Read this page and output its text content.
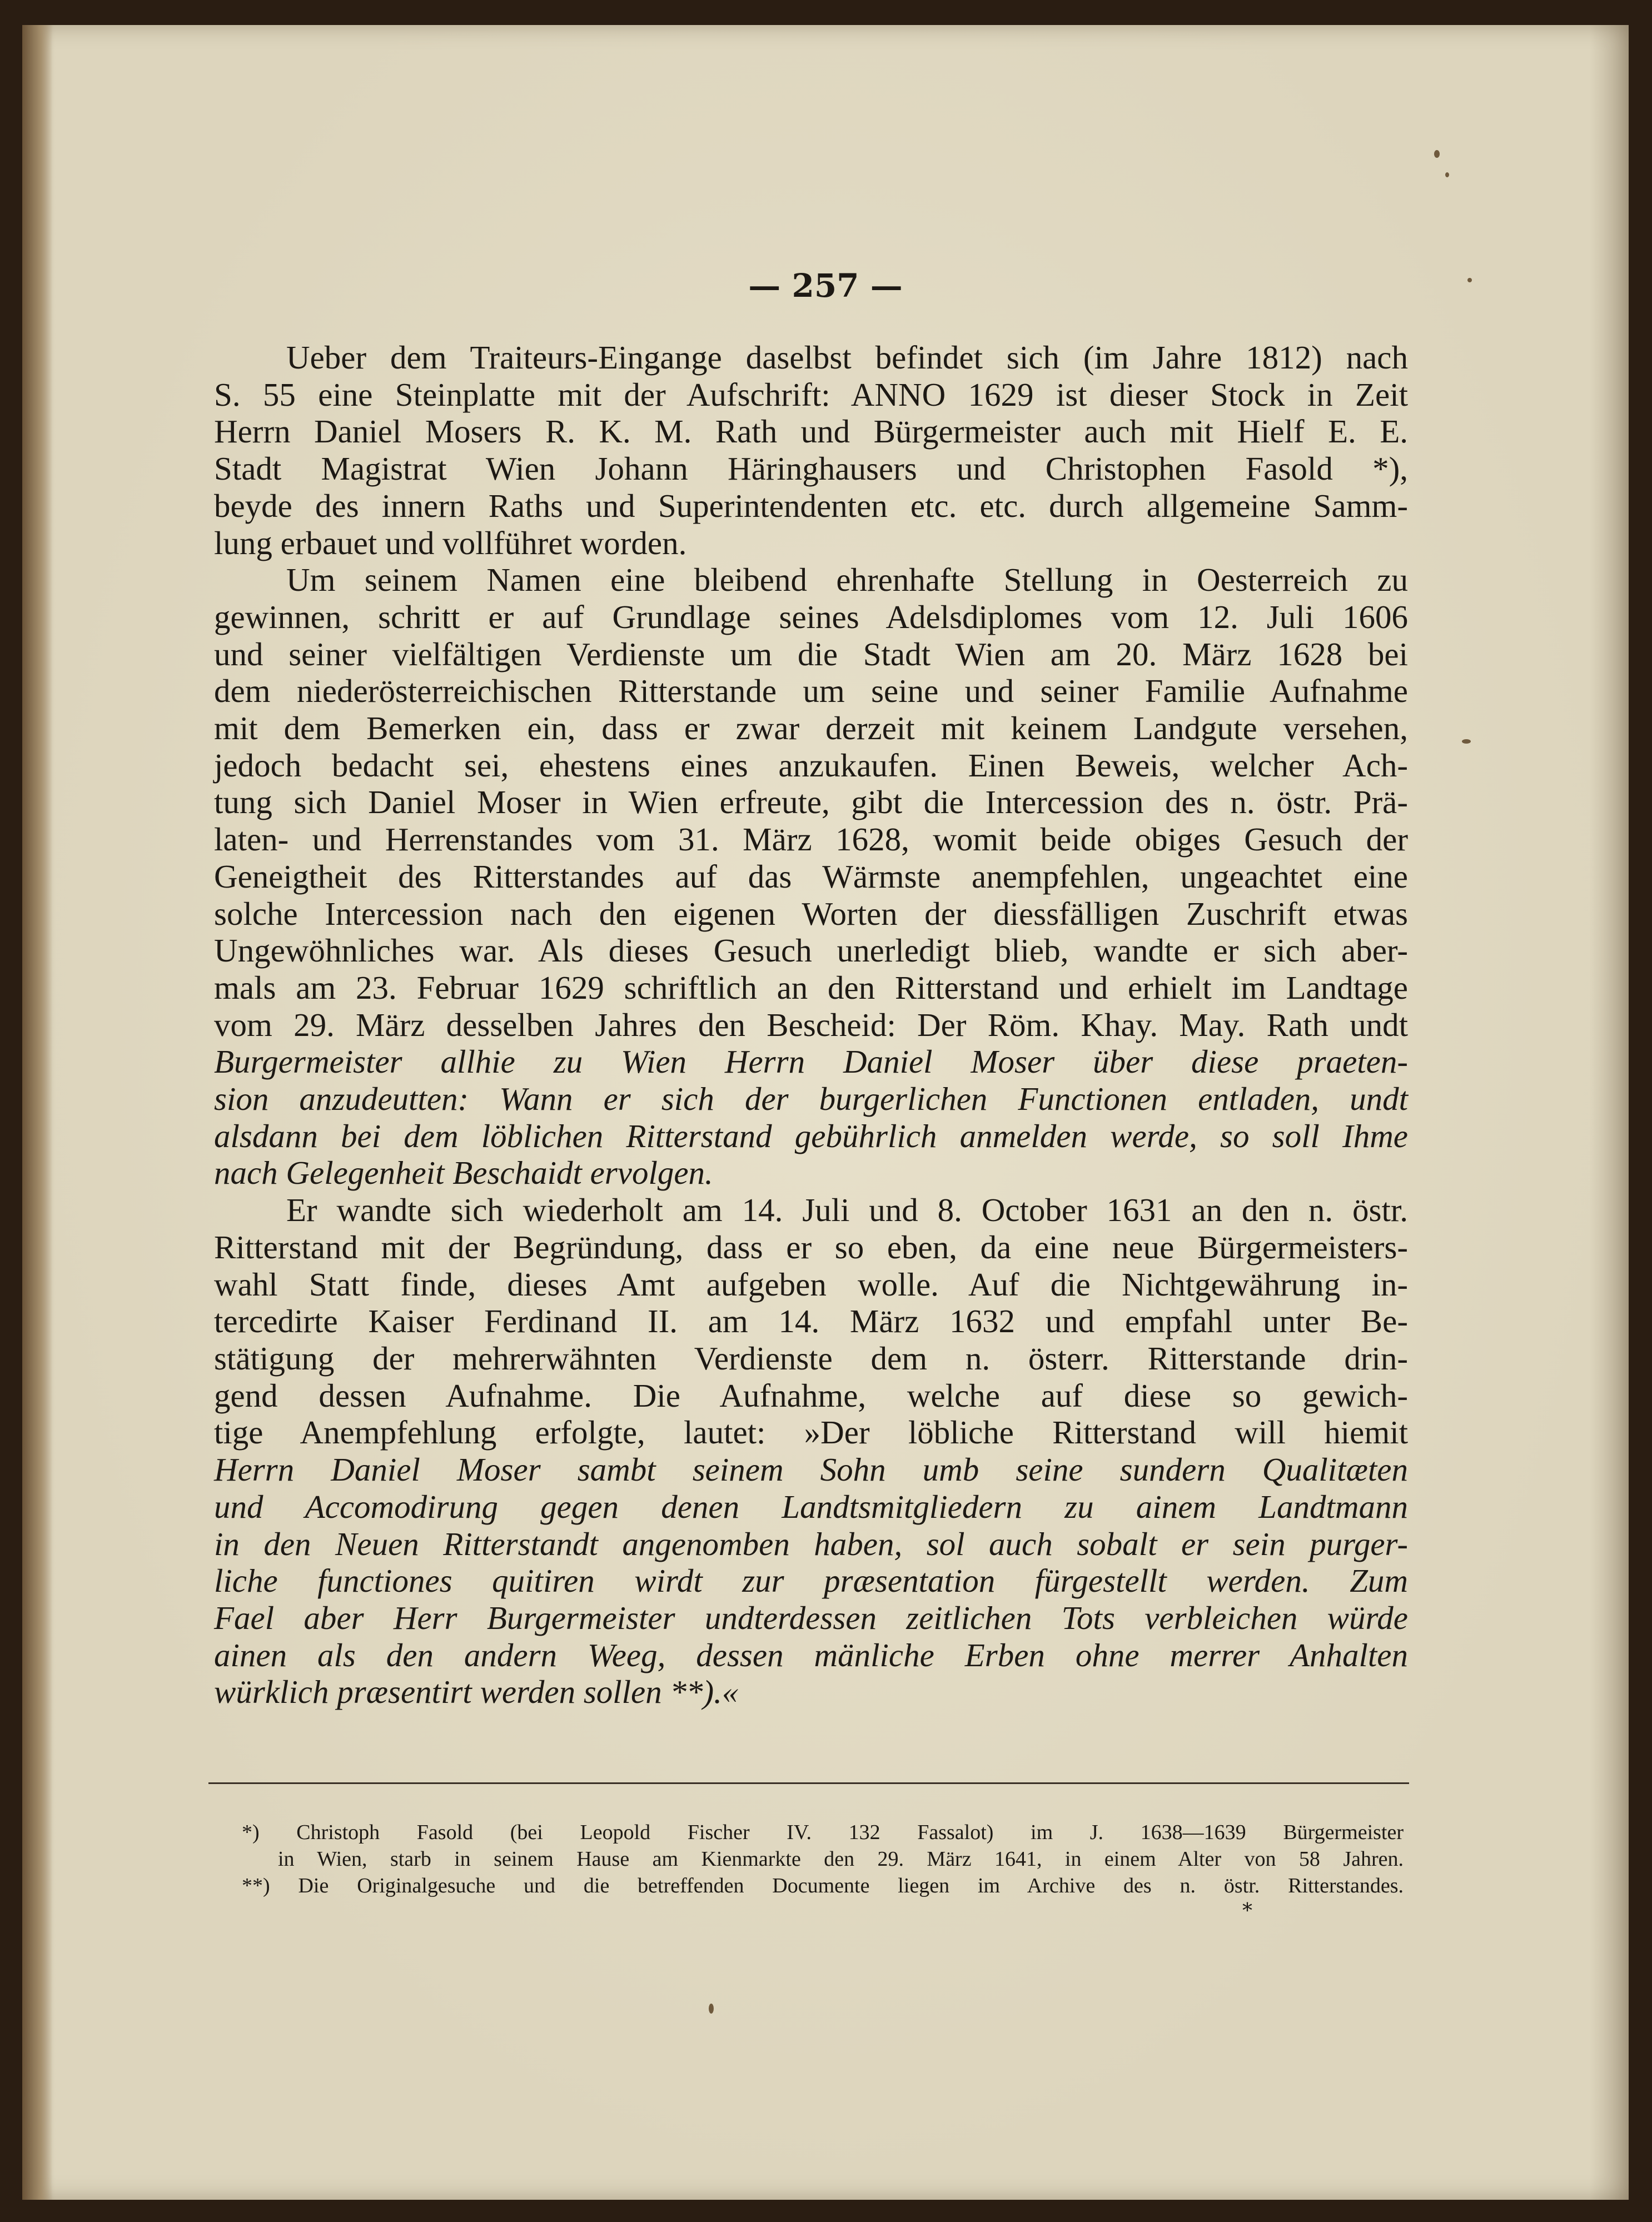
— 257 —
Ueber dem Traiteurs-Eingange daselbst befindet sich (im Jahre 1812) nach
S. 55 eine Steinplatte mit der Aufschrift: ANNO 1629 ist dieser Stock in Zeit
Herrn Daniel Mosers R. K. M. Rath und Bürgermeister auch mit Hielf E. E.
Stadt Magistrat Wien Johann Häringhausers und Christophen Fasold *),
beyde des innern Raths und Superintendenten etc. etc. durch allgemeine Samm-
lung erbauet und vollführet worden.
Um seinem Namen eine bleibend ehrenhafte Stellung in Oesterreich zu
gewinnen, schritt er auf Grundlage seines Adelsdiplomes vom 12. Juli 1606
und seiner vielfältigen Verdienste um die Stadt Wien am 20. März 1628 bei
dem niederösterreichischen Ritterstande um seine und seiner Familie Aufnahme
mit dem Bemerken ein, dass er zwar derzeit mit keinem Landgute versehen,
jedoch bedacht sei, ehestens eines anzukaufen. Einen Beweis, welcher Ach-
tung sich Daniel Moser in Wien erfreute, gibt die Intercession des n. östr. Prä-
laten- und Herrenstandes vom 31. März 1628, womit beide obiges Gesuch der
Geneigtheit des Ritterstandes auf das Wärmste anempfehlen, ungeachtet eine
solche Intercession nach den eigenen Worten der diessfälligen Zuschrift etwas
Ungewöhnliches war. Als dieses Gesuch unerledigt blieb, wandte er sich aber-
mals am 23. Februar 1629 schriftlich an den Ritterstand und erhielt im Landtage
vom 29. März desselben Jahres den Bescheid: Der Röm. Khay. May. Rath undt
Burgermeister allhie zu Wien Herrn Daniel Moser über diese praeten-
sion anzudeutten: Wann er sich der burgerlichen Functionen entladen, undt
alsdann bei dem löblichen Ritterstand gebührlich anmelden werde, so soll Ihme
nach Gelegenheit Beschaidt ervolgen.
Er wandte sich wiederholt am 14. Juli und 8. October 1631 an den n. östr.
Ritterstand mit der Begründung, dass er so eben, da eine neue Bürgermeisters-
wahl Statt finde, dieses Amt aufgeben wolle. Auf die Nichtgewährung in-
tercedirte Kaiser Ferdinand II. am 14. März 1632 und empfahl unter Be-
stätigung der mehrerwähnten Verdienste dem n. österr. Ritterstande drin-
gend dessen Aufnahme. Die Aufnahme, welche auf diese so gewich-
tige Anempfehlung erfolgte, lautet: »Der löbliche Ritterstand will hiemit
Herrn Daniel Moser sambt seinem Sohn umb seine sundern Qualitæten
und Accomodirung gegen denen Landtsmitgliedern zu ainem Landtmann
in den Neuen Ritterstandt angenomben haben, sol auch sobalt er sein purger-
liche functiones quitiren wirdt zur præsentation fürgestellt werden. Zum
Fael aber Herr Burgermeister undterdessen zeitlichen Tots verbleichen würde
ainen als den andern Weeg, dessen mänliche Erben ohne merrer Anhalten
würklich præsentirt werden sollen **).«
*) Christoph Fasold (bei Leopold Fischer IV. 132 Fassalot) im J. 1638—1639 Bürgermeister
in Wien, starb in seinem Hause am Kienmarkte den 29. März 1641, in einem Alter von 58 Jahren.
**) Die Originalgesuche und die betreffenden Documente liegen im Archive des n. östr. Ritterstandes.
*
